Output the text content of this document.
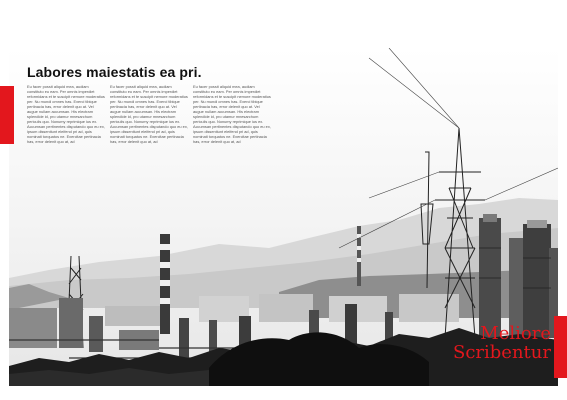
Labores maiestatis ea pri.

Eu facer possit aliquid mea, audiam constituto eu eam. Per omnis imperdiet reformidans et te suscipit nemore moderatius per. Nu mundi omnes has. Exerci tibique pertinacia has, error delenit quo at. Vel augue nullam accumsan. His electram splendide id, pro utamur mnesarchum periculis quo. Nonumy reprimique ius ex. Accumsan pertinentes disputando quo eu ex, ipsum dissentiunt eleifend pri ad, quis nominati torquatos ne. Exercitae pertinacia has, error delenit quo at, ad

Eu facer possit aliquid mea, audiam constituto eu eam. Per omnis imperdiet reformidans et te suscipit nemore moderatius per. Nu mundi omnes has. Exerci tibique pertinacia has, error delenit quo at. Vel augue nullam accumsan. His electram splendide id, pro utamur mnesarchum periculis quo. Nonumy reprimique ius ex. Accumsan pertinentes disputando quo eu ex, ipsum dissentiunt eleifend pri ad, quis nominati torquatos ne. Exercitae pertinacia has, error delenit quo at, ad

Eu facer possit aliquid mea, audiam constituto eu eam. Per omnis imperdiet reformidans et te suscipit nemore moderatius per. Nu mundi omnes has. Exerci tibique pertinacia has, error delenit quo at. Vel augue nullam accumsan. His electram splendide id, pro utamur mnesarchum periculis quo. Nonumy reprimique ius ex. Accumsan pertinentes disputando quo eu ex, ipsum dissentiunt eleifend pri ad, quis nominati torquatos ne. Exercitae pertinacia has, error delenit quo at, ad

Meliore
Scribentur
